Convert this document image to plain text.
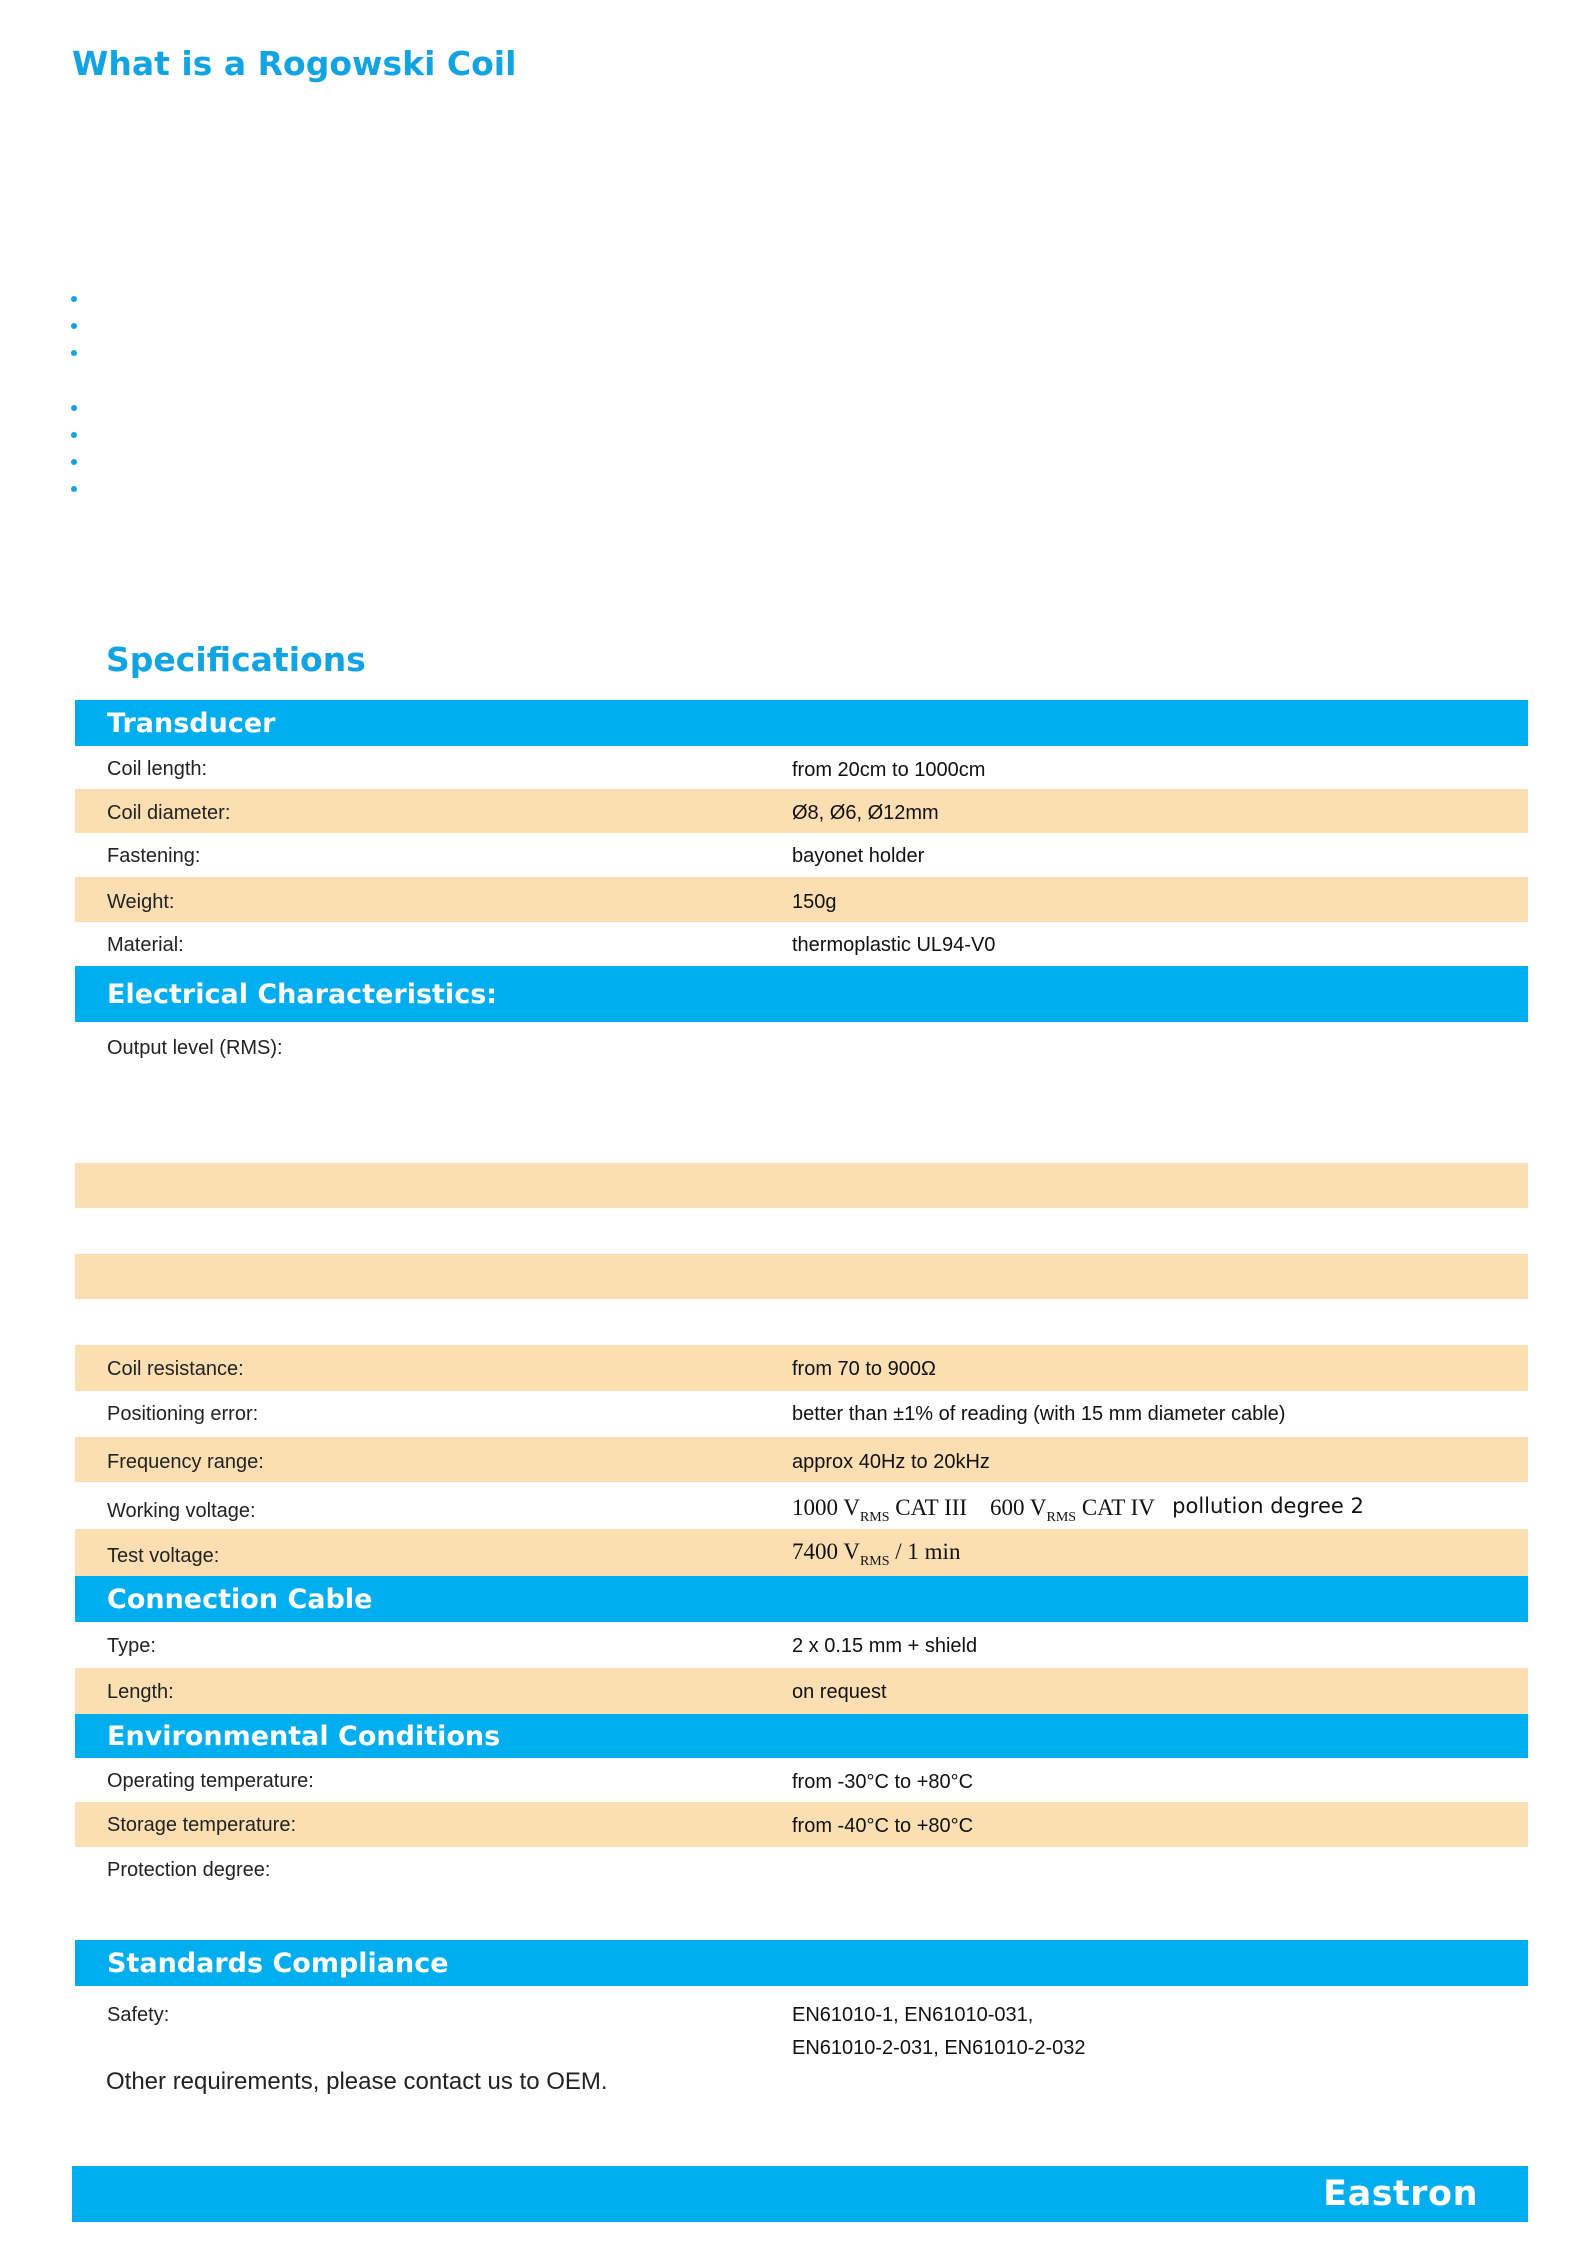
What is a Rogowski Coil
Specifications
Transducer
Coil length:	from 20cm to 1000cm
Coil diameter:	Ø8, Ø6, Ø12mm
Fastening:	bayonet holder
Weight:	150g
Material:	thermoplastic UL94-V0
Electrical Characteristics:
Output level (RMS):
Coil resistance:	from 70 to 900Ω
Positioning error:	better than ±1% of reading (with 15 mm diameter cable)
Frequency range:	approx 40Hz to 20kHz
Working voltage:	1000 $V_{RMS}$ CAT III 600 $V_{RMS}$ CAT IV pollution degree 2
Test voltage:	7400 $V_{RMS} / 1$ min
Connection Cable
Type:	2 x 0.15 mm + shield
Length:	on request
Environmental Conditions
Operating temperature:	from -30°C to +80°C
Storage temperature:	from -40°C to +80°C
Protection degree:
Standards Compliance
Safety:	EN61010-1, EN61010-031,
EN61010-2-031, EN61010-2-032
Other requirements, please contact us to OEM.
Eastron
